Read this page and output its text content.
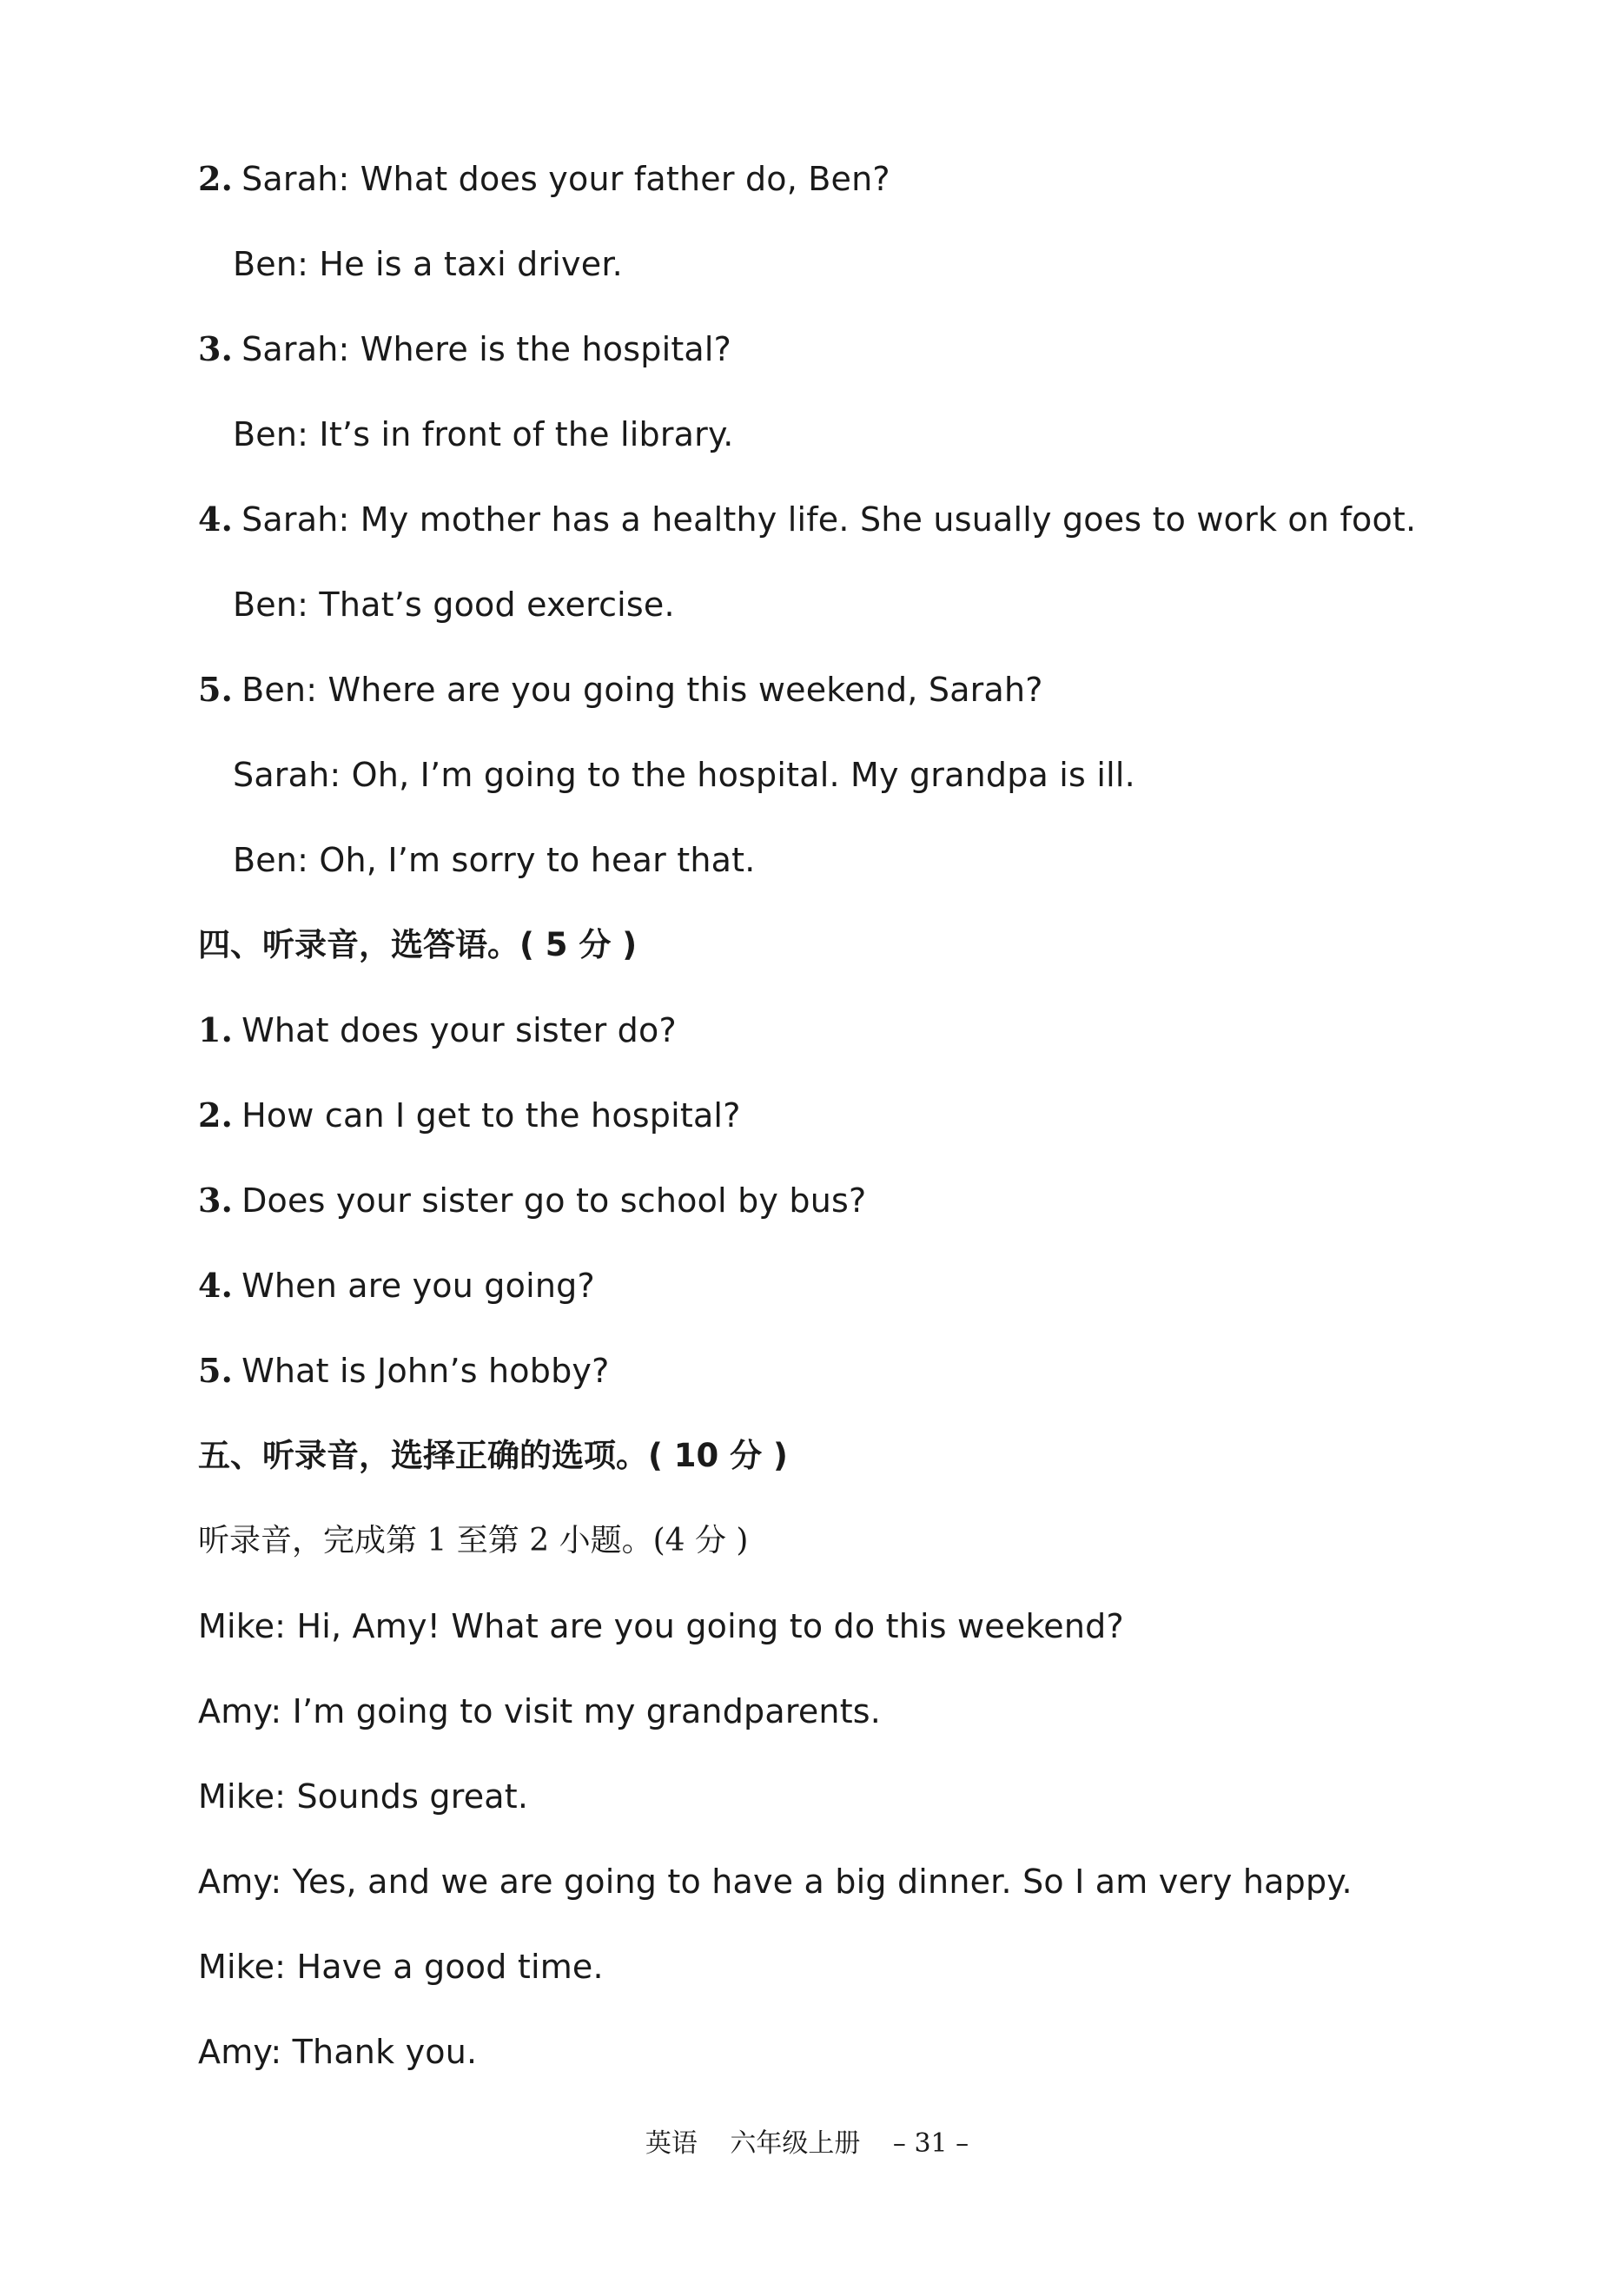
2. Sarah: What does your father do, Ben?
Ben: He is a taxi driver.
3. Sarah: Where is the hospital?
Ben: It’s in front of the library.
4. Sarah: My mother has a healthy life. She usually goes to work on foot.
Ben: That’s good exercise.
5. Ben: Where are you going this weekend, Sarah?
Sarah: Oh, I’m going to the hospital. My grandpa is ill.
Ben: Oh, I’m sorry to hear that.
四、听录音，选答语。( 5 分 )
1. What does your sister do?
2. How can I get to the hospital?
3. Does your sister go to school by bus?
4. When are you going?
5. What is John’s hobby?
五、听录音，选择正确的选项。( 10 分 )
听录音，完成第 1 至第 2 小题。(4 分 )
Mike: Hi, Amy! What are you going to do this weekend?
Amy: I’m going to visit my grandparents.
Mike: Sounds great.
Amy: Yes, and we are going to have a big dinner. So I am very happy.
Mike: Have a good time.
Amy: Thank you.
英语 六年级上册 – 31 –
